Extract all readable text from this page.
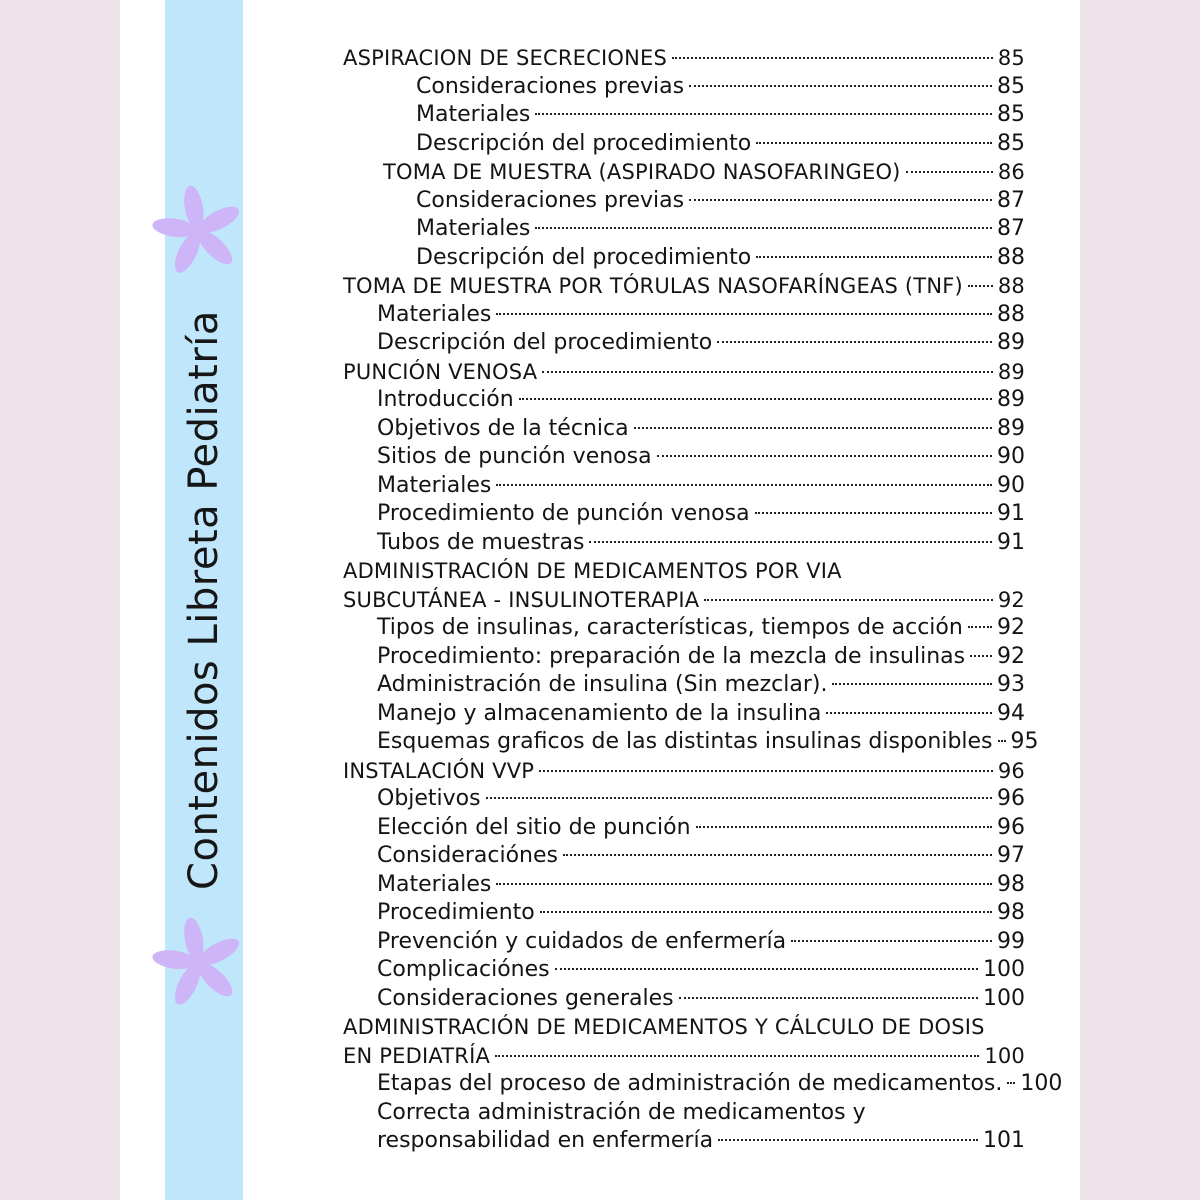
Contenidos Libreta Pediatría
ASPIRACION DE SECRECIONES	85
Consideraciones previas	85
Materiales	85
Descripción del procedimiento	85
TOMA DE MUESTRA (ASPIRADO NASOFARINGEO)	86
Consideraciones previas	87
Materiales	87
Descripción del procedimiento	88
TOMA DE MUESTRA POR TÓRULAS NASOFARÍNGEAS (TNF) 88
Materiales	88
Descripción del procedimiento	89
PUNCIÓN VENOSA	89
Introducción	89
Objetivos de la técnica	89
Sitios de punción venosa	90
Materiales	90
Procedimiento de punción venosa	91
Tubos de muestras	91
ADMINISTRACIÓN DE MEDICAMENTOS POR VIA
SUBCUTÁNEA - INSULINOTERAPIA	92
Tipos de insulinas, características, tiempos de acción 92
Procedimiento: preparación de la mezcla de insulinas 92
Administración de insulina (Sin mezclar).	93
Manejo y almacenamiento de la insulina	94
Esquemas graficos de las distintas insulinas disponibles 95
INSTALACIÓN VVP	96
Objetivos	96
Elección del sitio de punción	96
Consideraciónes	97
Materiales	98
Procedimiento	98
Prevención y cuidados de enfermería	99
Complicaciónes	100
Consideraciones generales	100
ADMINISTRACIÓN DE MEDICAMENTOS Y CÁLCULO DE DOSIS
EN PEDIATRÍA	100
Etapas del proceso de administración de medicamentos. 100
Correcta administración de medicamentos y
responsabilidad en enfermería	101
